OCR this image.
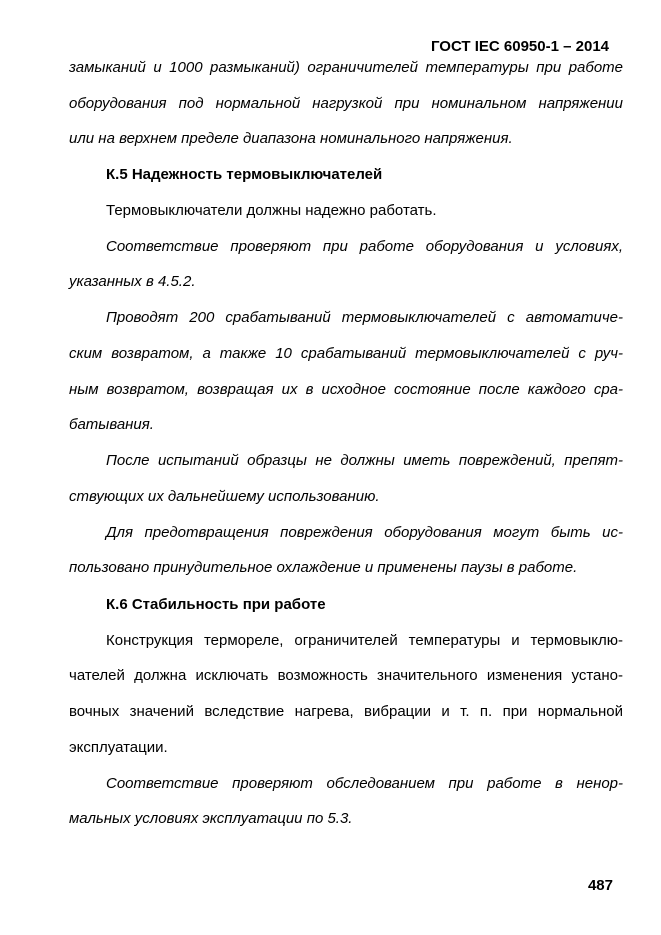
ГОСТ IEC 60950-1 – 2014
замыканий и 1000 размыканий) ограничителей температуры при работе
оборудования под нормальной нагрузкой при номинальном напряжении
или на верхнем пределе диапазона номинального напряжения.
К.5 Надежность термовыключателей
Термовыключатели должны надежно работать.
Соответствие проверяют при работе оборудования и условиях,
указанных в 4.5.2.
Проводят 200 срабатываний термовыключателей с автоматиче-
ским возвратом, а также 10 срабатываний термовыключателей с руч-
ным возвратом, возвращая их в исходное состояние после каждого сра-
батывания.
После испытаний образцы не должны иметь повреждений, препят-
ствующих их дальнейшему использованию.
Для предотвращения повреждения оборудования могут быть ис-
пользовано принудительное охлаждение и применены паузы в работе.
К.6 Стабильность при работе
Конструкция термореле, ограничителей температуры и термовыклю-
чателей должна исключать возможность значительного изменения устано-
вочных значений вследствие нагрева, вибрации и т. п. при нормальной
эксплуатации.
Соответствие проверяют обследованием при работе в ненор-
мальных условиях эксплуатации по 5.3.
487
